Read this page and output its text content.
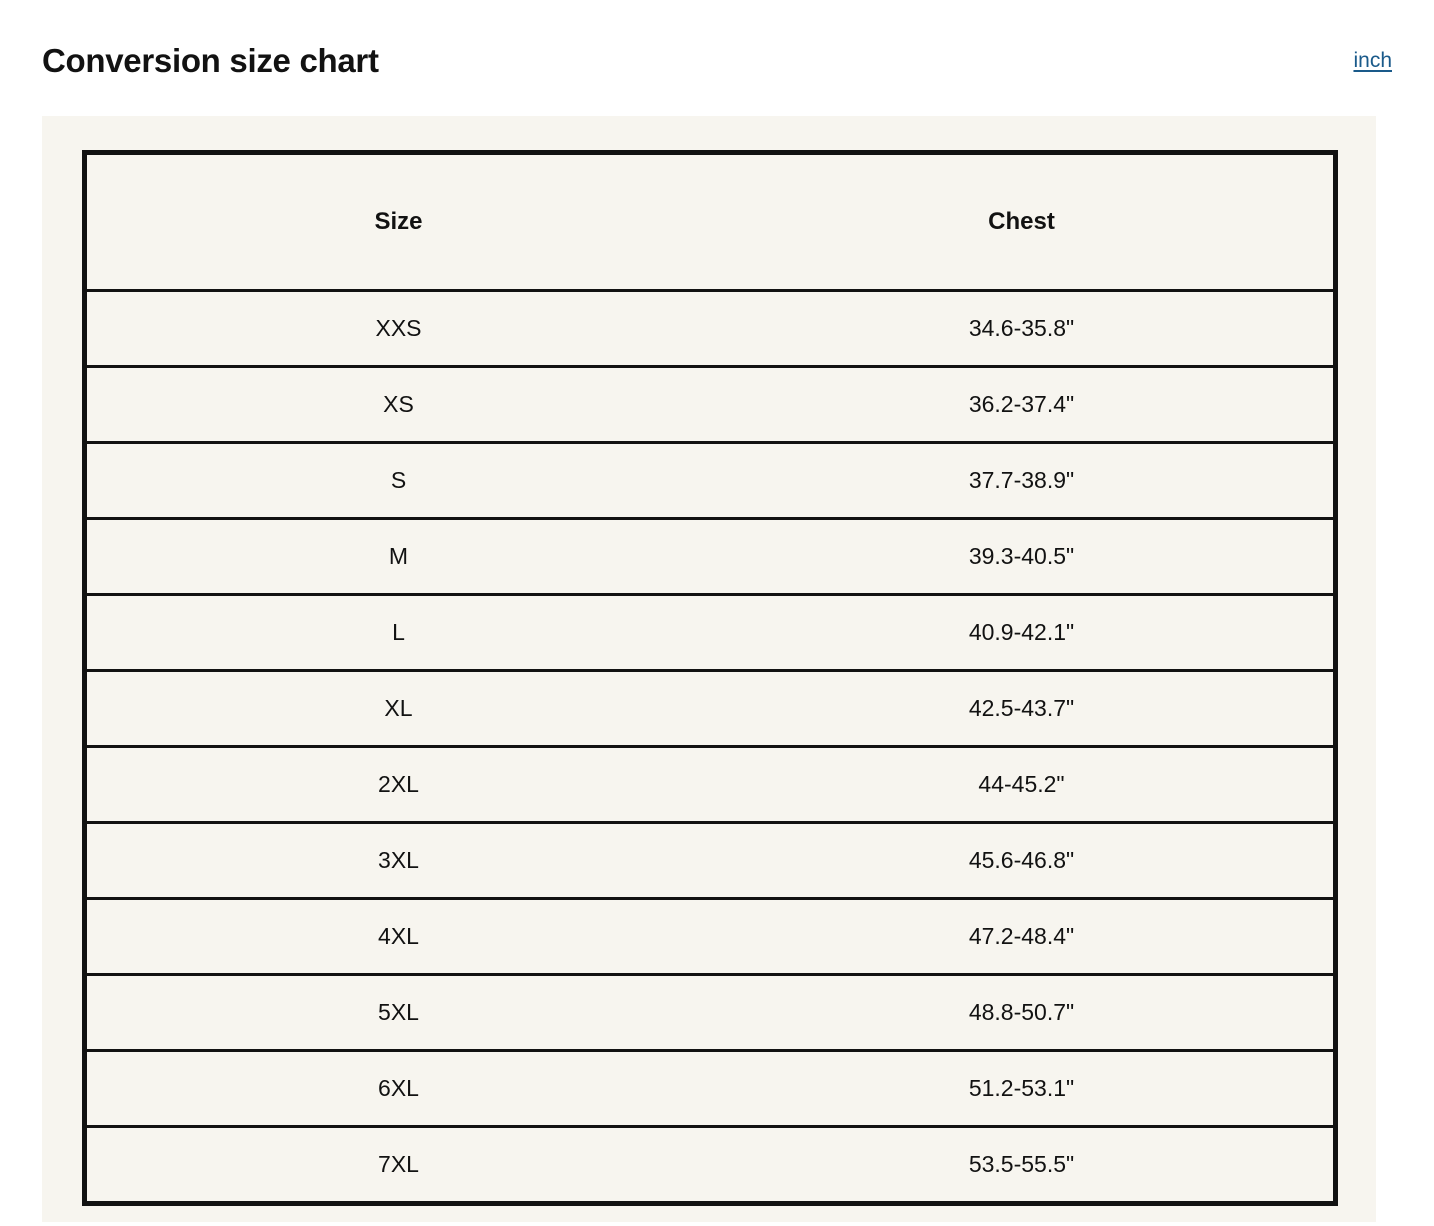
Conversion size chart	inch
Size	Chest
XXS	34.6-35.8"
XS	36.2-37.4"
S	37.7-38.9"
M	39.3-40.5"
L	40.9-42.1"
XL	42.5-43.7"
2XL	44-45.2"
3XL	45.6-46.8"
4XL	47.2-48.4"
5XL	48.8-50.7"
6XL	51.2-53.1"
7XL	53.5-55.5"
